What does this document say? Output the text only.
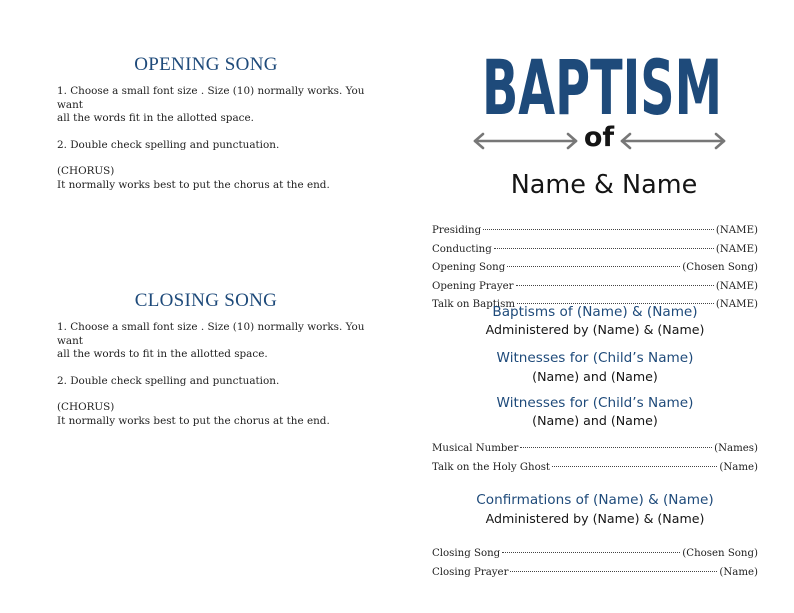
OPENING SONG

1. Choose a small font size . Size (10) normally works. You want

all the words fit in the allotted space.

2. Double check spelling and punctuation.

(CHORUS)

It normally works best to put the chorus at the end.

CLOSING SONG

1. Choose a small font size . Size (10) normally works. You want

all the words to fit in the allotted space.

2. Double check spelling and punctuation.

(CHORUS)

It normally works best to put the chorus at the end.

BAPTISM
of
Name & Name
Presiding	(NAME)
Conducting	(NAME)
Opening Song	(Chosen Song)
Opening Prayer	(NAME)
Talk on Baptism	(NAME)
Baptisms of (Name) & (Name)
Administered by (Name) & (Name)
Witnesses for (Child’s Name)
(Name) and (Name)
Witnesses for (Child’s Name)
(Name) and (Name)
Musical Number	(Names)
Talk on the Holy Ghost	(Name)
Confirmations of (Name) & (Name)
Administered by (Name) & (Name)
Closing Song	(Chosen Song)
Closing Prayer	(Name)
